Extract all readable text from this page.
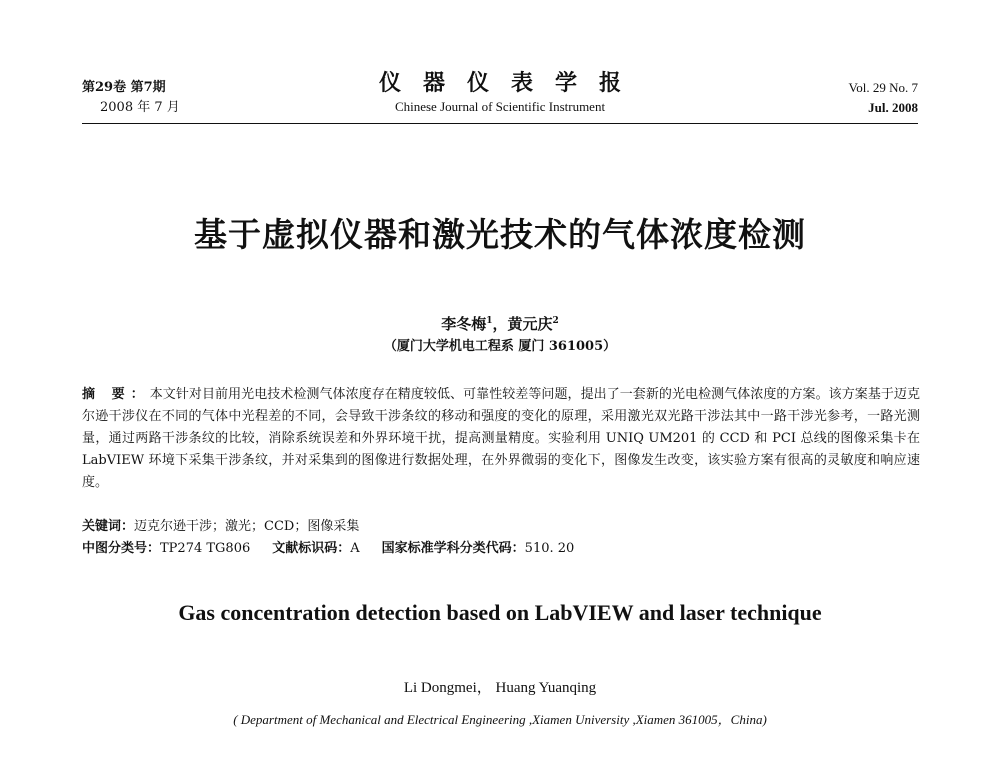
第29卷 第7期
2008 年 7 月
仪器仪表学报
Chinese Journal of Scientific Instrument
Vol. 29 No. 7
Jul. 2008
基于虚拟仪器和激光技术的气体浓度检测
李冬梅$^1$，黄元庆$^2$
（厦门大学机电工程系 厦门 361005）
摘 要：本文针对目前用光电技术检测气体浓度存在精度较低、可靠性较差等问题，提出了一套新的光电检测气体浓度的方案。该方案基于迈克尔逊干涉仪在不同的气体中光程差的不同，会导致干涉条纹的移动和强度的变化的原理，采用激光双光路干涉法其中一路干涉光参考，一路光测量，通过两路干涉条纹的比较，消除系统误差和外界环境干扰，提高测量精度。实验利用 UNIQ UM201 的 CCD 和 PCI 总线的图像采集卡在 LabVIEW 环境下采集干涉条纹，并对采集到的图像进行数据处理，在外界微弱的变化下，图像发生改变，该实验方案有很高的灵敏度和响应速度。
关键词：迈克尔逊干涉；激光；CCD；图像采集
中图分类号：TP274 TG806 文献标识码：A 国家标准学科分类代码：510. 20
Gas concentration detection based on LabVIEW and laser technique
Li Dongmei， Huang Yuanqing
( Department of Mechanical and Electrical Engineering ,Xiamen University ,Xiamen 361005，China)
